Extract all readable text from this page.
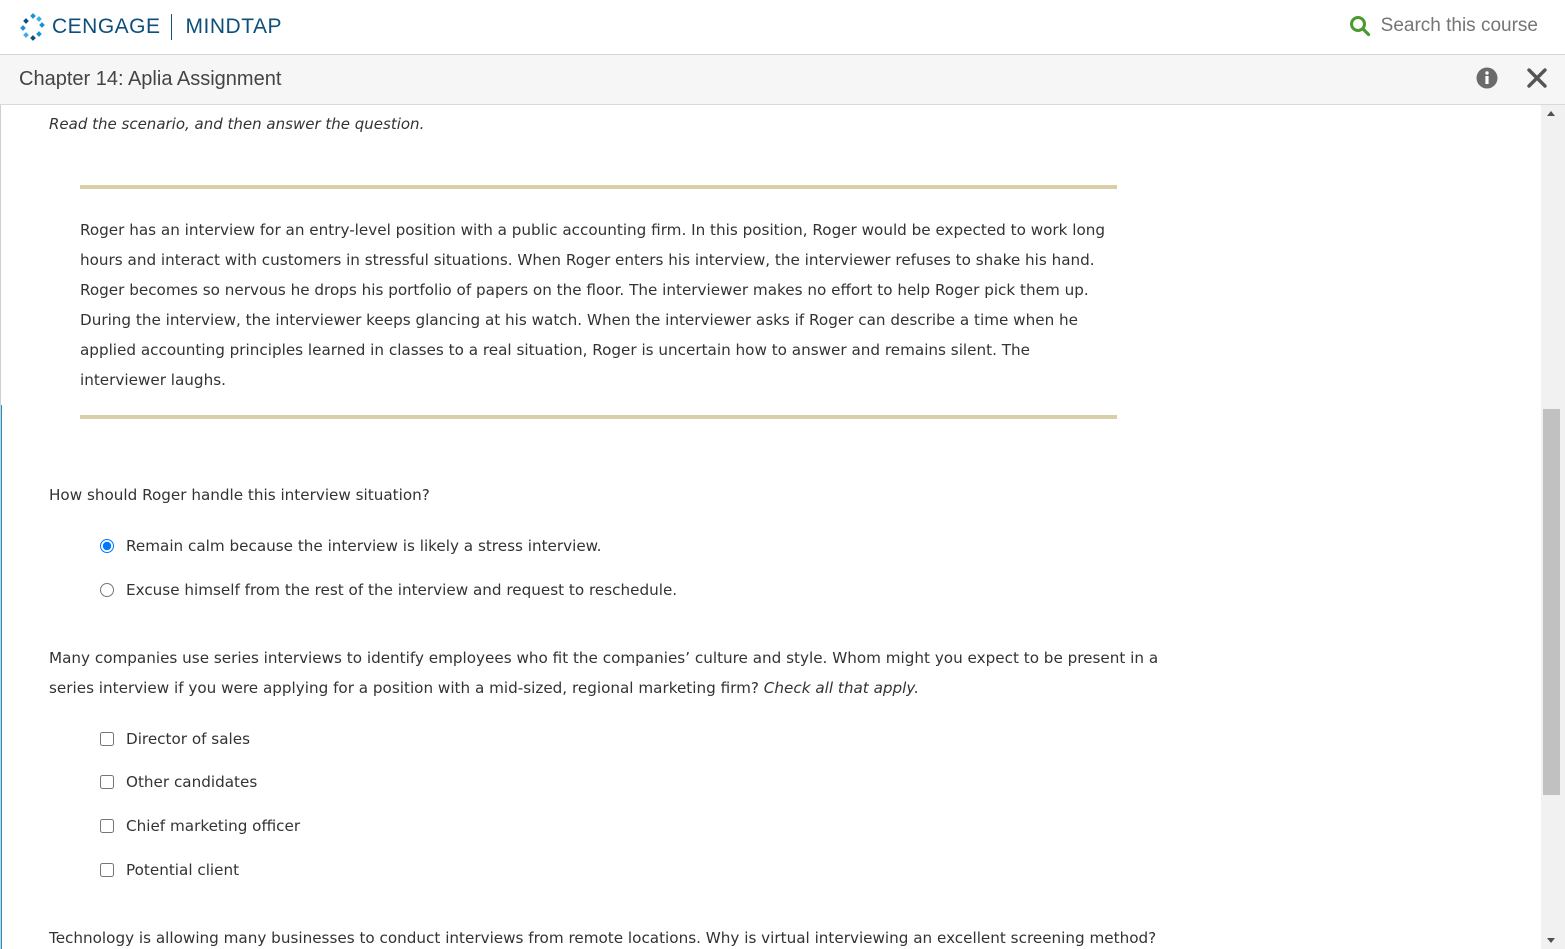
CENGAGE MINDTAP	Search this course
Chapter 14: Aplia Assignment
Read the scenario, and then answer the question.
Roger has an interview for an entry-level position with a public accounting firm. In this position, Roger would be expected to work long hours and interact with customers in stressful situations. When Roger enters his interview, the interviewer refuses to shake his hand. Roger becomes so nervous he drops his portfolio of papers on the floor. The interviewer makes no effort to help Roger pick them up. During the interview, the interviewer keeps glancing at his watch. When the interviewer asks if Roger can describe a time when he applied accounting principles learned in classes to a real situation, Roger is uncertain how to answer and remains silent. The interviewer laughs.
How should Roger handle this interview situation?
Remain calm because the interview is likely a stress interview.
Excuse himself from the rest of the interview and request to reschedule.
Many companies use series interviews to identify employees who fit the companies’ culture and style. Whom might you expect to be present in a series interview if you were applying for a position with a mid-sized, regional marketing firm? Check all that apply.
Director of sales
Other candidates
Chief marketing officer
Potential client
Technology is allowing many businesses to conduct interviews from remote locations. Why is virtual interviewing an excellent screening method?
